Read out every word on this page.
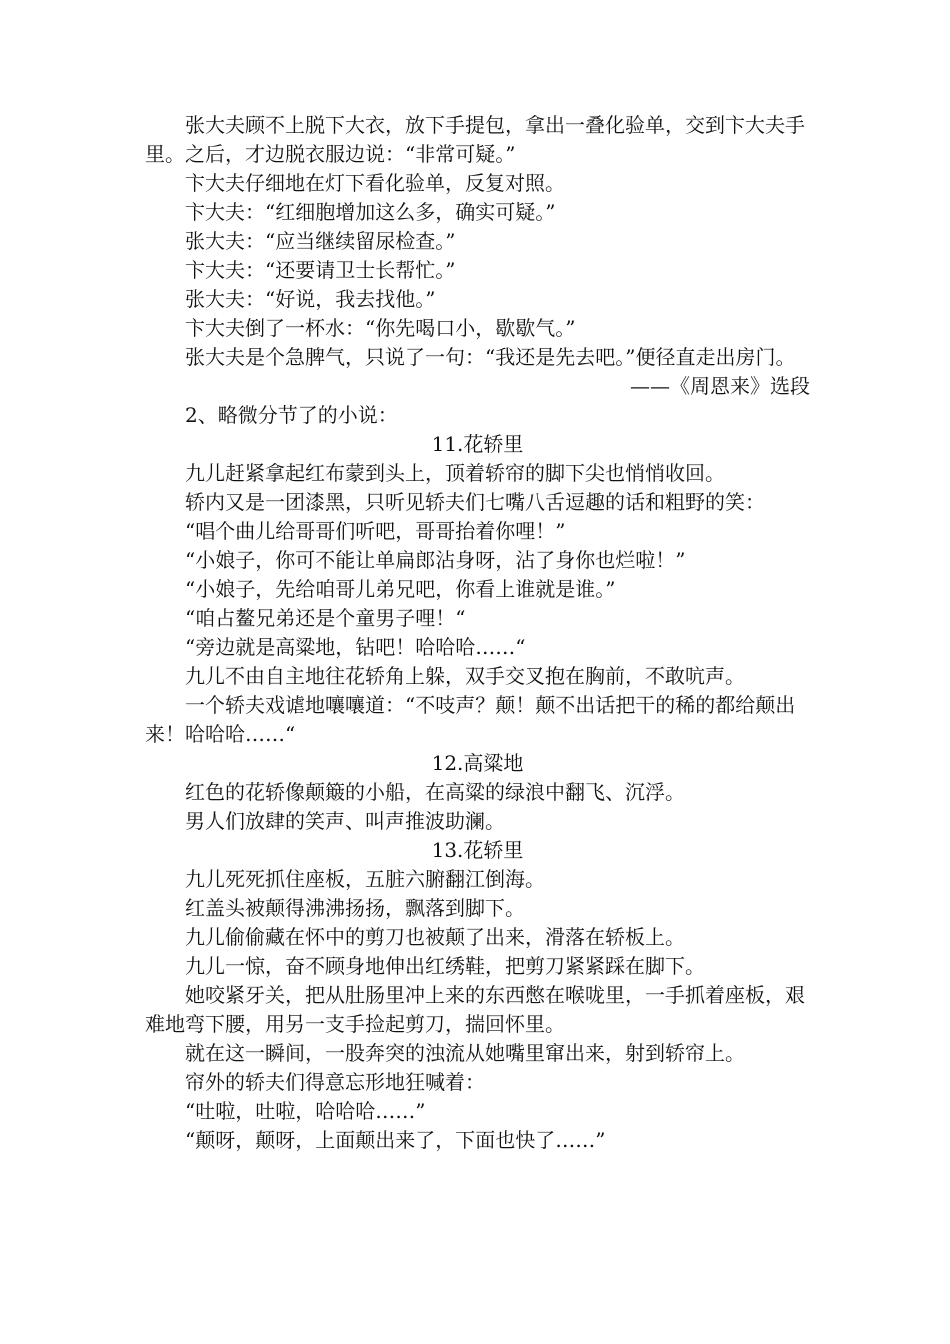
张大夫顾不上脱下大衣，放下手提包，拿出一叠化验单，交到卞大夫手里。之后，才边脱衣服边说：“非常可疑。”

卞大夫仔细地在灯下看化验单，反复对照。

卞大夫：“红细胞增加这么多，确实可疑。”

张大夫：“应当继续留尿检查。”

卞大夫：“还要请卫士长帮忙。”

张大夫：“好说，我去找他。”

卞大夫倒了一杯水：“你先喝口小，歇歇气。”

张大夫是个急脾气，只说了一句：“我还是先去吧。”便径直走出房门。

——《周恩来》选段

2、略微分节了的小说：

11.花轿里

九儿赶紧拿起红布蒙到头上，顶着轿帘的脚下尖也悄悄收回。

轿内又是一团漆黑，只听见轿夫们七嘴八舌逗趣的话和粗野的笑：

“唱个曲儿给哥哥们听吧，哥哥抬着你哩！”

“小娘子，你可不能让单扁郎沾身呀，沾了身你也烂啦！”

“小娘子，先给咱哥儿弟兄吧，你看上谁就是谁。”

“咱占鳌兄弟还是个童男子哩！“

“旁边就是高粱地，钻吧！哈哈哈……“

九儿不由自主地往花轿角上躲，双手交叉抱在胸前，不敢吭声。

一个轿夫戏谑地嚷嚷道：“不吱声？颠！颠不出话把干的稀的都给颠出来！哈哈哈……“

12.高粱地

红色的花轿像颠簸的小船，在高粱的绿浪中翻飞、沉浮。

男人们放肆的笑声、叫声推波助澜。

13.花轿里

九儿死死抓住座板，五脏六腑翻江倒海。

红盖头被颠得沸沸扬扬，飘落到脚下。

九儿偷偷藏在怀中的剪刀也被颠了出来，滑落在轿板上。

九儿一惊，奋不顾身地伸出红绣鞋，把剪刀紧紧踩在脚下。

她咬紧牙关，把从肚肠里冲上来的东西憋在喉咙里，一手抓着座板，艰难地弯下腰，用另一支手捡起剪刀，揣回怀里。

就在这一瞬间，一股奔突的浊流从她嘴里窜出来，射到轿帘上。

帘外的轿夫们得意忘形地狂喊着：

“吐啦，吐啦，哈哈哈……”

“颠呀，颠呀，上面颠出来了，下面也快了……”
